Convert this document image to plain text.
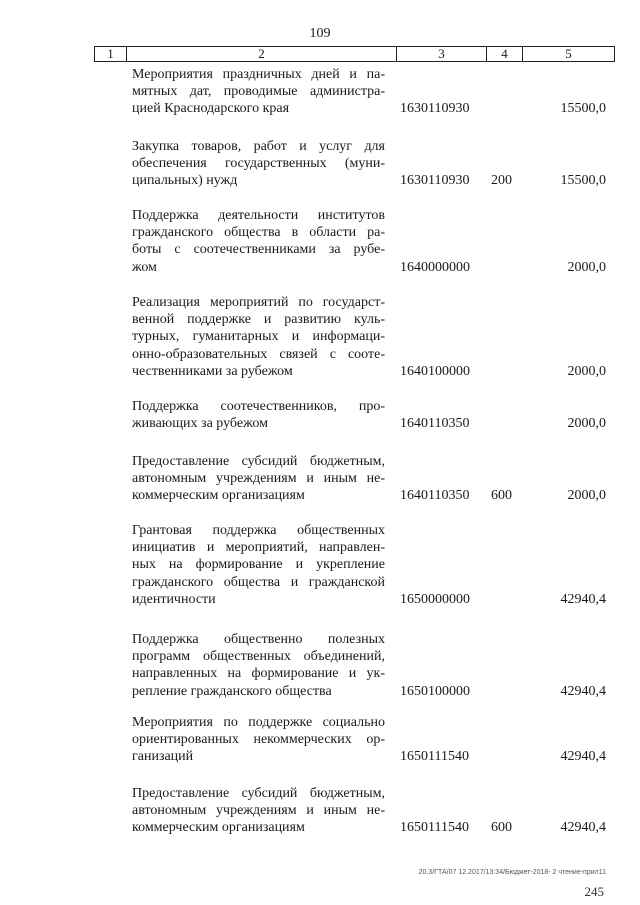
109
1	2	3	4	5
Мероприятия праздничных дней и па-
мятных дат, проводимые администра-
цией Краснодарского края	1630110930	15500,0
Закупка товаров, работ и услуг для
обеспечения государственных (муни-
ципальных) нужд	1630110930 200	15500,0
Поддержка деятельности институтов
гражданского общества в области ра-
боты с соотечественниками за рубе-
жом	1640000000	2000,0
Реализация мероприятий по государст-
венной поддержке и развитию куль-
турных, гуманитарных и информаци-
онно-образовательных связей с сооте-
чественниками за рубежом	1640100000	2000,0
Поддержка соотечественников, про-
живающих за рубежом	1640110350	2000,0
Предоставление субсидий бюджетным,
автономным учреждениям и иным не-
коммерческим организациям	1640110350 600	2000,0
Грантовая поддержка общественных
инициатив и мероприятий, направлен-
ных на формирование и укрепление
гражданского общества и гражданской
идентичности	1650000000	42940,4
Поддержка общественно полезных
программ общественных объединений,
направленных на формирование и ук-
репление гражданского общества	1650100000	42940,4
Мероприятия по поддержке социально
ориентированных некоммерческих ор-
ганизаций	1650111540	42940,4
Предоставление субсидий бюджетным,
автономным учреждениям и иным не-
коммерческим организациям	1650111540 600	42940,4
20.3/ГТА/07 12.2017/13:34/Бюджет-2018- 2 чтение-прил11
245
